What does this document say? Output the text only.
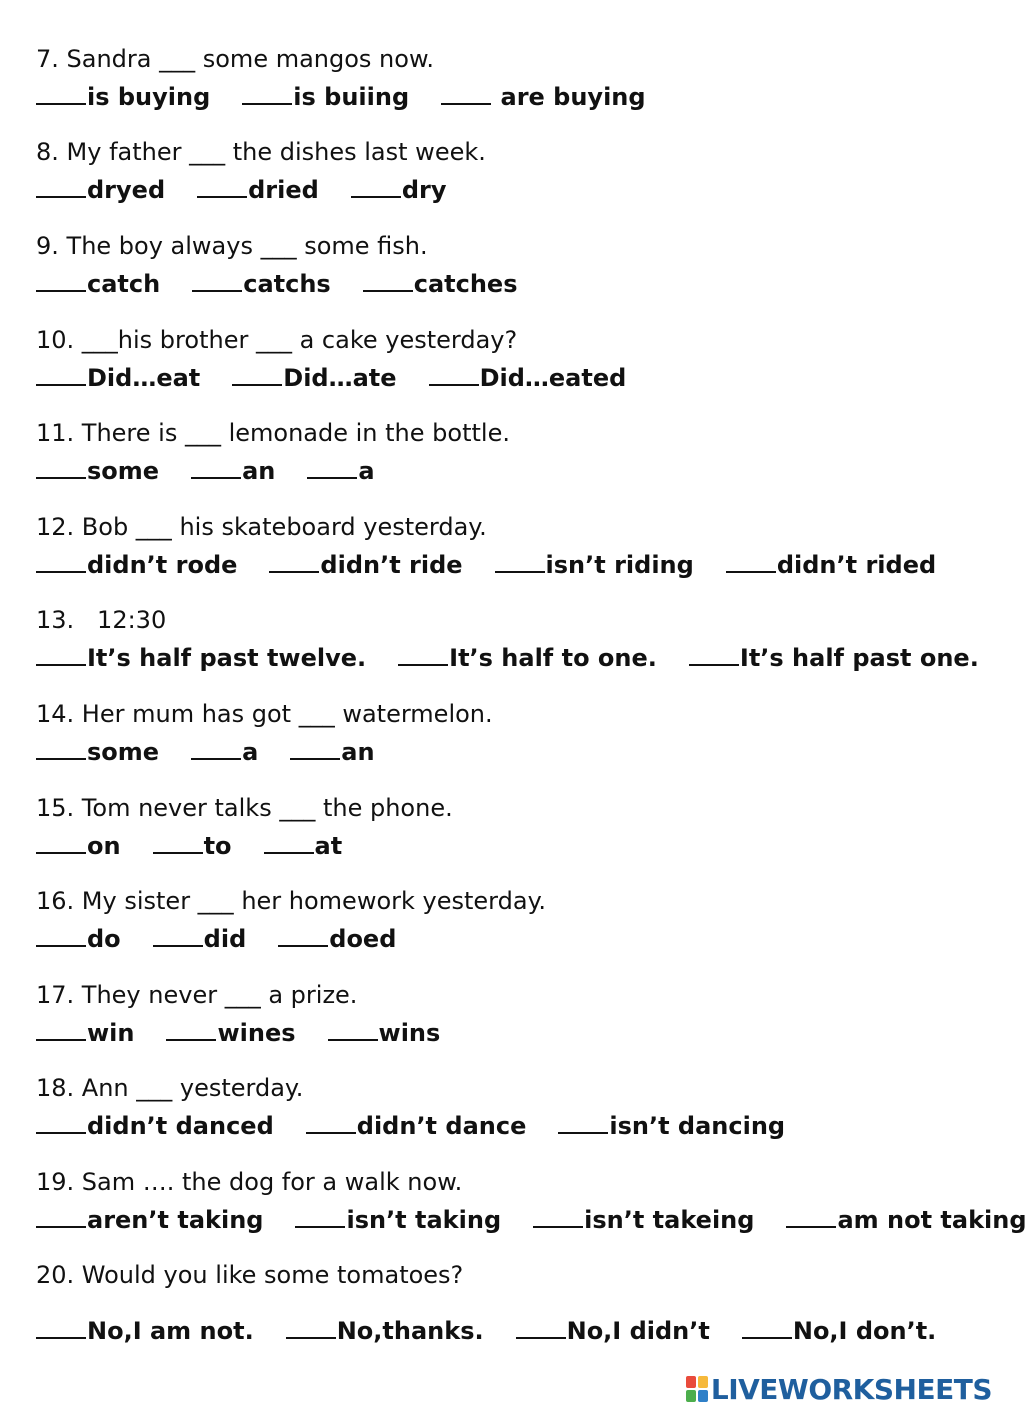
7. Sandra ___ some mangos now.
is buying	is buiing	are buying
8. My father ___ the dishes last week.
dryed	dried	dry
9. The boy always ___ some fish.
catch	catchs	catches
10. ___his brother ___ a cake yesterday?
Did…eat	Did…ate	Did…eated
11. There is ___ lemonade in the bottle.
some	an	a
12. Bob ___ his skateboard yesterday.
didn’t rode	didn’t ride	isn’t riding	didn’t rided
13.   12:30
It’s half past twelve.	It’s half to one.	It’s half past one.
14. Her mum has got ___ watermelon.
some	a	an
15. Tom never talks ___ the phone.
on	to	at
16. My sister ___ her homework yesterday.
do	did	doed
17. They never ___ a prize.
win	wines	wins
18. Ann ___ yesterday.
didn’t danced	didn’t dance	isn’t dancing
19. Sam …. the dog for a walk now.
aren’t taking	isn’t taking	isn’t takeing	am not taking
20. Would you like some tomatoes?
No,I am not.	No,thanks.	No,I didn’t	No,I don’t.
LIVEWORKSHEETS
